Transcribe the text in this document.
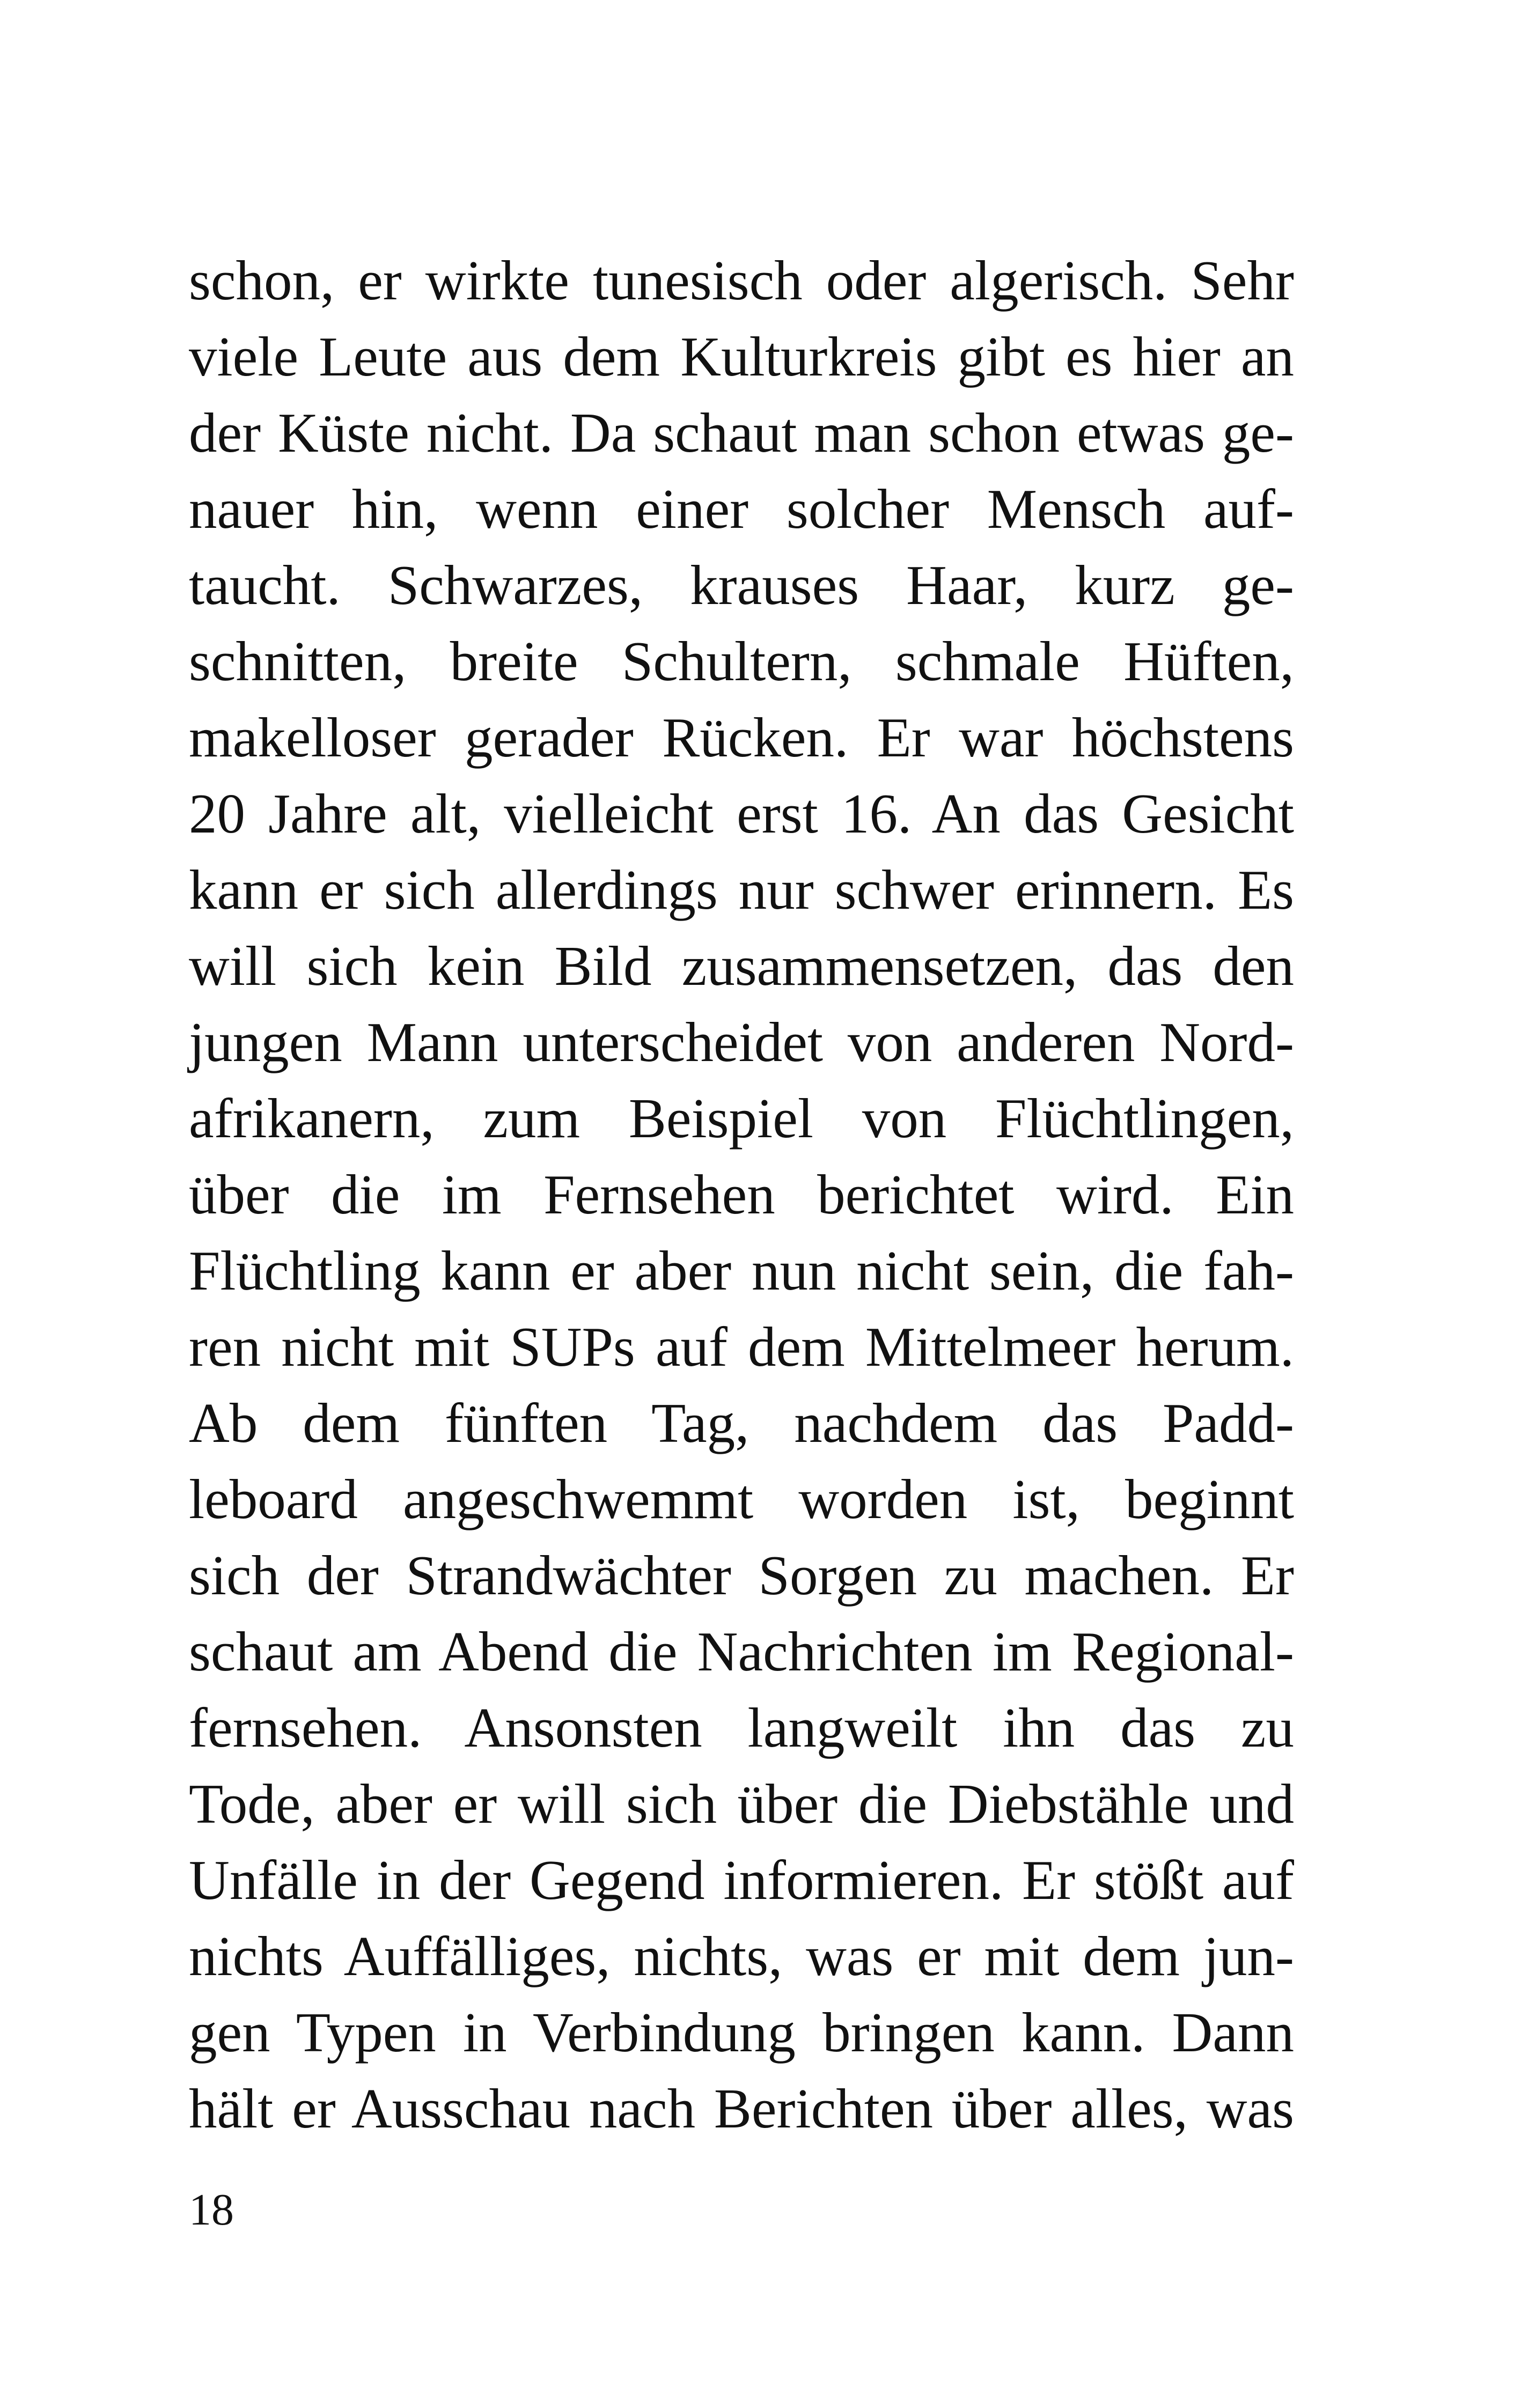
schon, er wirkte tunesisch oder algerisch. Sehr
viele Leute aus dem Kulturkreis gibt es hier an
der Küste nicht. Da schaut man schon etwas ge-
nauer hin, wenn einer solcher Mensch auf-
taucht. Schwarzes, krauses Haar, kurz ge-
schnitten, breite Schultern, schmale Hüften,
makelloser gerader Rücken. Er war höchstens
20 Jahre alt, vielleicht erst 16. An das Gesicht
kann er sich allerdings nur schwer erinnern. Es
will sich kein Bild zusammensetzen, das den
jungen Mann unterscheidet von anderen Nord-
afrikanern, zum Beispiel von Flüchtlingen,
über die im Fernsehen berichtet wird. Ein
Flüchtling kann er aber nun nicht sein, die fah-
ren nicht mit SUPs auf dem Mittelmeer herum.
Ab dem fünften Tag, nachdem das Padd-
leboard angeschwemmt worden ist, beginnt
sich der Strandwächter Sorgen zu machen. Er
schaut am Abend die Nachrichten im Regional-
fernsehen. Ansonsten langweilt ihn das zu
Tode, aber er will sich über die Diebstähle und
Unfälle in der Gegend informieren. Er stößt auf
nichts Auffälliges, nichts, was er mit dem jun-
gen Typen in Verbindung bringen kann. Dann
hält er Ausschau nach Berichten über alles, was
18
